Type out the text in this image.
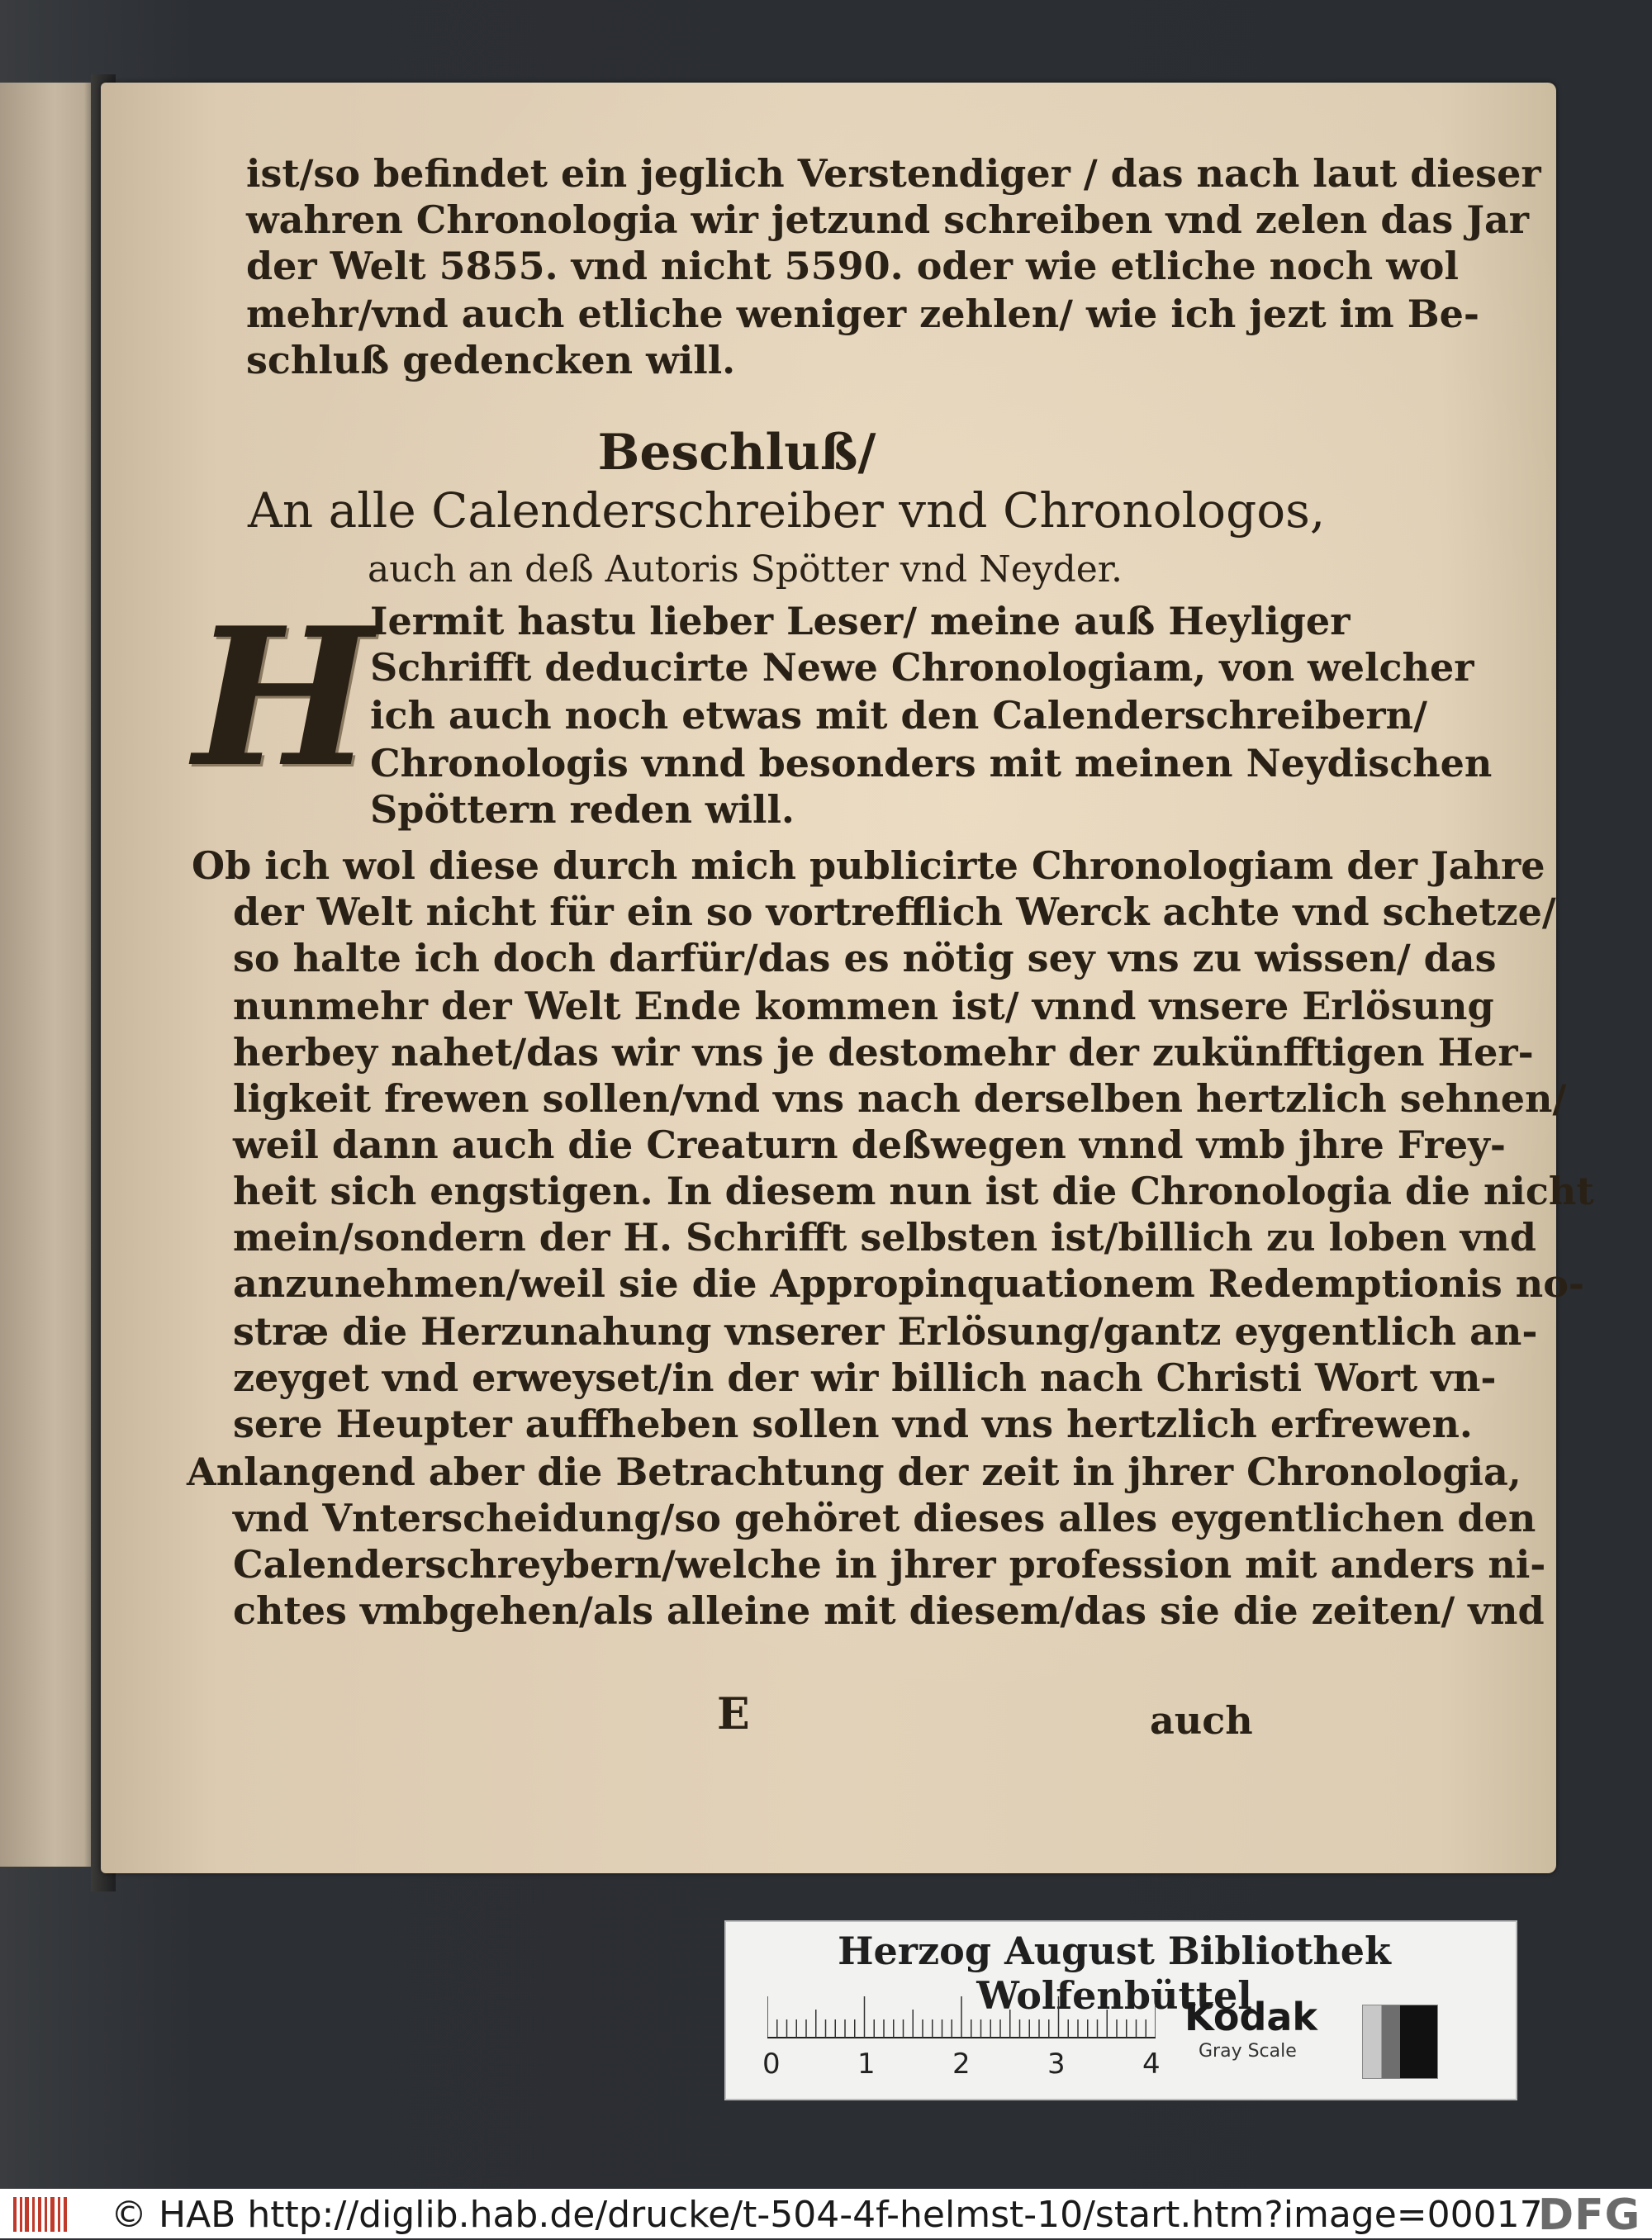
ist/so befindet ein jeglich Verstendiger / das nach laut dieser
wahren Chronologia wir jetzund schreiben vnd zelen das Jar
der Welt 5855. vnd nicht 5590. oder wie etliche noch wol
mehr/vnd auch etliche weniger zehlen/ wie ich jezt im Be-
schluß gedencken will.
Beschluß/
An alle Calenderschreiber vnd Chronologos,
auch an deß Autoris Spötter vnd Neyder.
H
Iermit hastu lieber Leser/ meine auß Heyliger
Schrifft deducirte Newe Chronologiam, von welcher
ich auch noch etwas mit den Calenderschreibern/
Chronologis vnnd besonders mit meinen Neydischen
Spöttern reden will.
Ob ich wol diese durch mich publicirte Chronologiam der Jahre
der Welt nicht für ein so vortrefflich Werck achte vnd schetze/
so halte ich doch darfür/das es nötig sey vns zu wissen/ das
nunmehr der Welt Ende kommen ist/ vnnd vnsere Erlösung
herbey nahet/das wir vns je destomehr der zukünfftigen Her-
ligkeit frewen sollen/vnd vns nach derselben hertzlich sehnen/
weil dann auch die Creaturn deßwegen vnnd vmb jhre Frey-
heit sich engstigen. In diesem nun ist die Chronologia die nicht
mein/sondern der H. Schrifft selbsten ist/billich zu loben vnd
anzunehmen/weil sie die Appropinquationem Redemptionis no-
stræ die Herzunahung vnserer Erlösung/gantz eygentlich an-
zeyget vnd erweyset/in der wir billich nach Christi Wort vn-
sere Heupter auffheben sollen vnd vns hertzlich erfrewen.
Anlangend aber die Betrachtung der zeit in jhrer Chronologia,
vnd Vnterscheidung/so gehöret dieses alles eygentlichen den
Calenderschreybern/welche in jhrer profession mit anders ni-
chtes vmbgehen/als alleine mit diesem/das sie die zeiten/ vnd
E	auch
Herzog August Bibliothek Wolfenbüttel
0	1	2	3	4
Kodak
Gray Scale
© HAB http://diglib.hab.de/drucke/t-504-4f-helmst-10/start.htm?image=00017
DFG
